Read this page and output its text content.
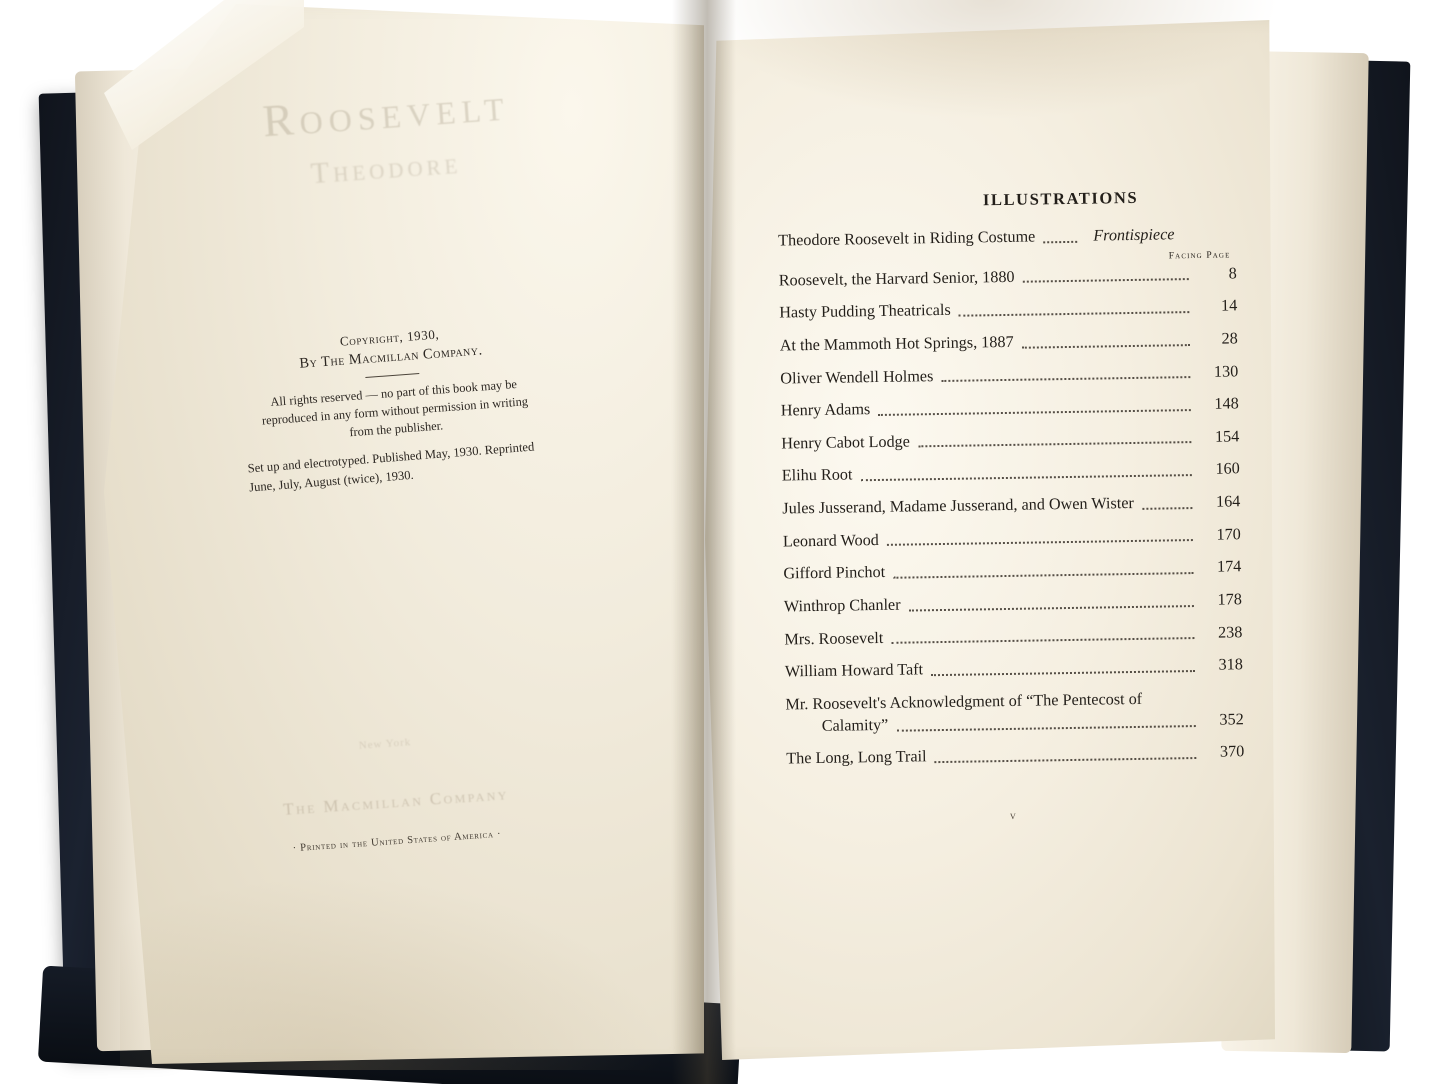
Roosevelt
Theodore
Copyright, 1930,
By The Macmillan Company.
All rights reserved — no part of this book may be reproduced in any form without permission in writing from the publisher.
Set up and electrotyped. Published May, 1930. Reprinted June, July, August (twice), 1930.
New York
The Macmillan Company
· Printed in the United States of America ·
ILLUSTRATIONS
Theodore Roosevelt in Riding Costume	Frontispiece
Facing Page
Roosevelt, the Harvard Senior, 1880	8
Hasty Pudding Theatricals	14
At the Mammoth Hot Springs, 1887	28
Oliver Wendell Holmes	130
Henry Adams	148
Henry Cabot Lodge	154
Elihu Root	160
Jules Jusserand, Madame Jusserand, and Owen Wister	164
Leonard Wood	170
Gifford Pinchot	174
Winthrop Chanler	178
Mrs. Roosevelt	238
William Howard Taft	318
Mr. Roosevelt's Acknowledgment of “The Pentecost of
Calamity”	352
The Long, Long Trail	370
v
